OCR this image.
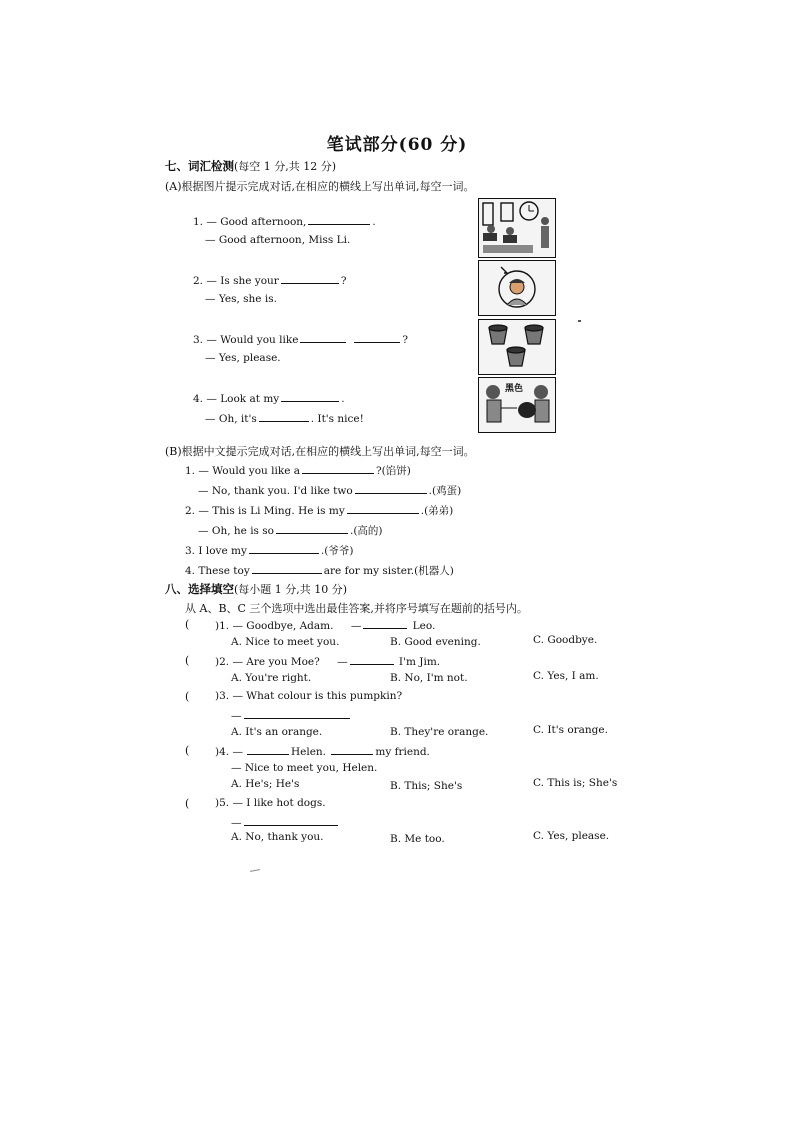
笔试部分(60 分)
七、词汇检测(每空 1 分,共 12 分)
(A)根据图片提示完成对话,在相应的横线上写出单词,每空一词。
1. — Good afternoon,	.
— Good afternoon, Miss Li.
2. — Is she your	?
— Yes, she is.
3. — Would you like	?
— Yes, please.
4. — Look at my	.
— Oh, it's	. It's nice!
黑色
(B)根据中文提示完成对话,在相应的横线上写出单词,每空一词。
1. — Would you like a	?(馅饼)
— No, thank you. I'd like two	.(鸡蛋)
2. — This is Li Ming. He is my	.(弟弟)
— Oh, he is so	.(高的)
3. I love my	.(爷爷)
4. These toy	are for my sister.(机器人)
八、选择填空(每小题 1 分,共 10 分)
从 A、B、C 三个选项中选出最佳答案,并将序号填写在题前的括号内。
( )1. — Goodbye, Adam. —	Leo.
A. Nice to meet you.	B. Good evening.	C. Goodbye.
( )2. — Are you Moe? —	I'm Jim.
A. You're right.	B. No, I'm not.	C. Yes, I am.
( )3. — What colour is this pumpkin?
—
A. It's an orange.	B. They're orange.	C. It's orange.
( )4. —	Helen.	my friend.
— Nice to meet you, Helen.
A. He's; He's	B. This; She's	C. This is; She's
( )5. — I like hot dogs.
—
A. No, thank you.	B. Me too.	C. Yes, please.
